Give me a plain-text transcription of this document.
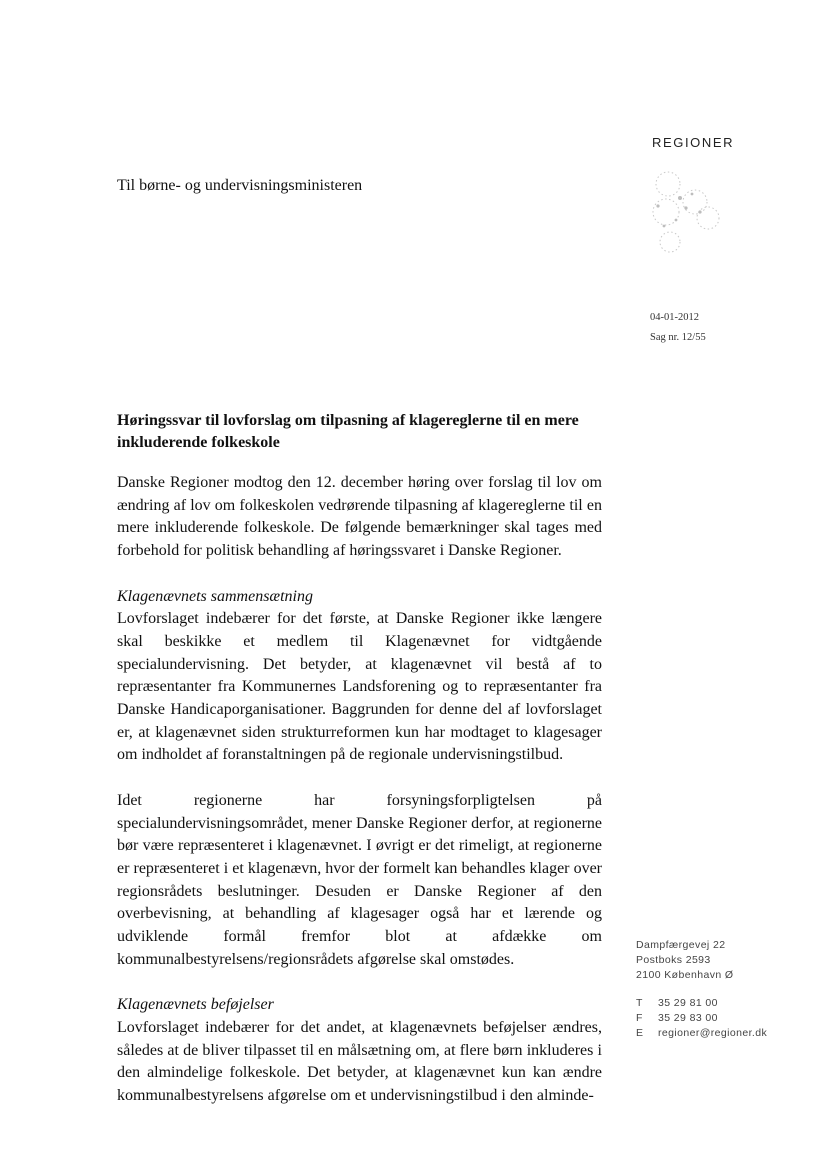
REGIONER
Til børne- og undervisningsministeren
04-01-2012
Sag nr. 12/55
Høringssvar til lovforslag om tilpasning af klagereglerne til en mere inkluderende folkeskole

Danske Regioner modtog den 12. december høring over forslag til lov om ændring af lov om folkeskolen vedrørende tilpasning af klagereglerne til en mere inkluderende folkeskole. De følgende bemærkninger skal tages med forbehold for politisk behandling af høringssvaret i Danske Regioner.

Klagenævnets sammensætning

Lovforslaget indebærer for det første, at Danske Regioner ikke længere skal beskikke et medlem til Klagenævnet for vidtgående specialundervisning. Det betyder, at klagenævnet vil bestå af to repræsentanter fra Kommunernes Landsforening og to repræsentanter fra Danske Handicaporganisationer. Baggrunden for denne del af lovforslaget er, at klagenævnet siden strukturreformen kun har modtaget to klagesager om indholdet af foranstaltningen på de regionale undervisningstilbud.

Idet regionerne har forsyningsforpligtelsen på specialundervisningsområdet, mener Danske Regioner derfor, at regionerne bør være repræsenteret i klagenævnet. I øvrigt er det rimeligt, at regionerne er repræsenteret i et klagenævn, hvor der formelt kan behandles klager over regionsrådets beslutninger. Desuden er Danske Regioner af den overbevisning, at behandling af klagesager også har et lærende og udviklende formål fremfor blot at afdække om kommunalbestyrelsens/regionsrådets afgørelse skal omstødes.

Klagenævnets beføjelser

Lovforslaget indebærer for det andet, at klagenævnets beføjelser ændres, således at de bliver tilpasset til en målsætning om, at flere børn inkluderes i den almindelige folkeskole. Det betyder, at klagenævnet kun kan ændre kommunalbestyrelsens afgørelse om et undervisningstilbud i den alminde-

Dampfærgevej 22
Postboks 2593
2100 København Ø
T 35 29 81 00
F 35 29 83 00
E regioner@regioner.dk
